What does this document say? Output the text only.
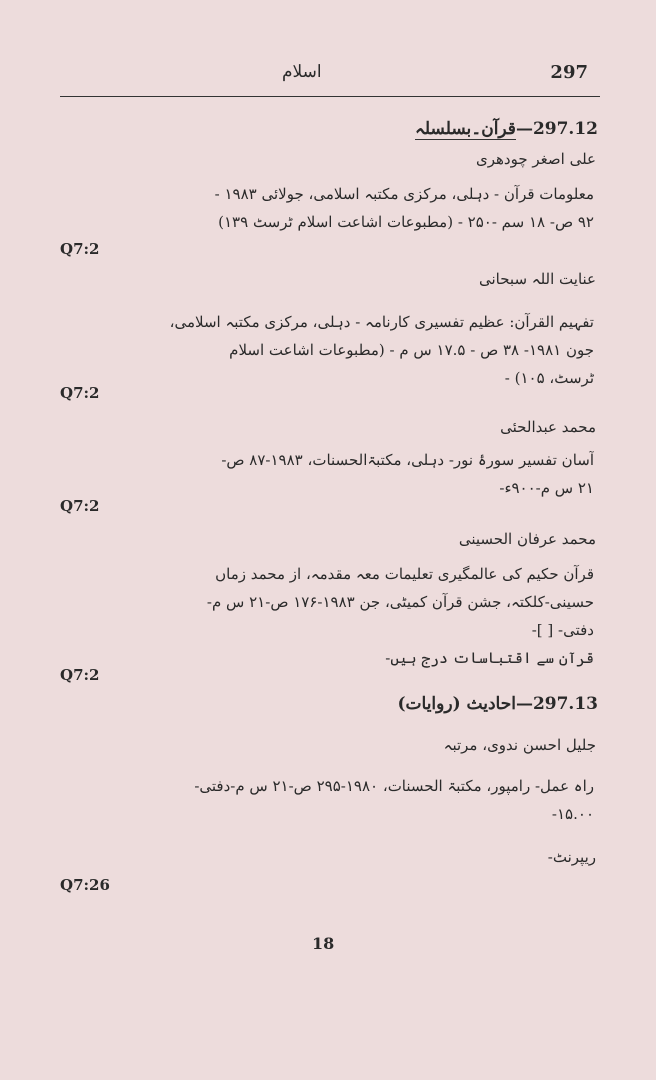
اسلام	297
297.12—قرآن۔بسلسلہ
علی اصغر چودھری
معلومات قرآن - دہلی، مرکزی مکتبہ اسلامی، جولائی ۱۹۸۳ -
۹۲ ص- ۱۸ سم -۲۵۰ - (مطبوعات اشاعت اسلام ٹرسٹ ۱۳۹)
Q7:2
عنایت اللہ سبحانی
تفہیم القرآن: عظیم تفسیری کارنامہ - دہلی، مرکزی مکتبہ اسلامی،
جون ۱۹۸۱- ۳۸ ص - ۱۷.۵ س م - (مطبوعات اشاعت اسلام
ٹرسٹ، ۱۰۵) -
Q7:2
محمد عبدالحئی
آسان تفسیر سورۂ نور- دہلی، مکتبۃالحسنات، ۱۹۸۳-۸۷ ص-
۲۱ س م-۹۰۰ء-
Q7:2
محمد عرفان الحسینی
قرآن حکیم کی عالمگیری تعلیمات معہ مقدمہ، از محمد زماں
حسینی-کلکتہ، جشن قرآن کمیٹی، جن ۱۹۸۳-۱۷۶ ص-۲۱ س م-
دفتی- [ ]-
قرآن سے اقتباسات درج ہیں-
Q7:2
297.13—احادیث (روایات)
جلیل احسن ندوی، مرتبہ
راہ عمل- رامپور، مکتبۃ الحسنات، ۱۹۸۰-۲۹۵ ص-۲۱ س م-دفتی-
۱۵.۰۰-
ریپرنٹ-
Q7:26
18
